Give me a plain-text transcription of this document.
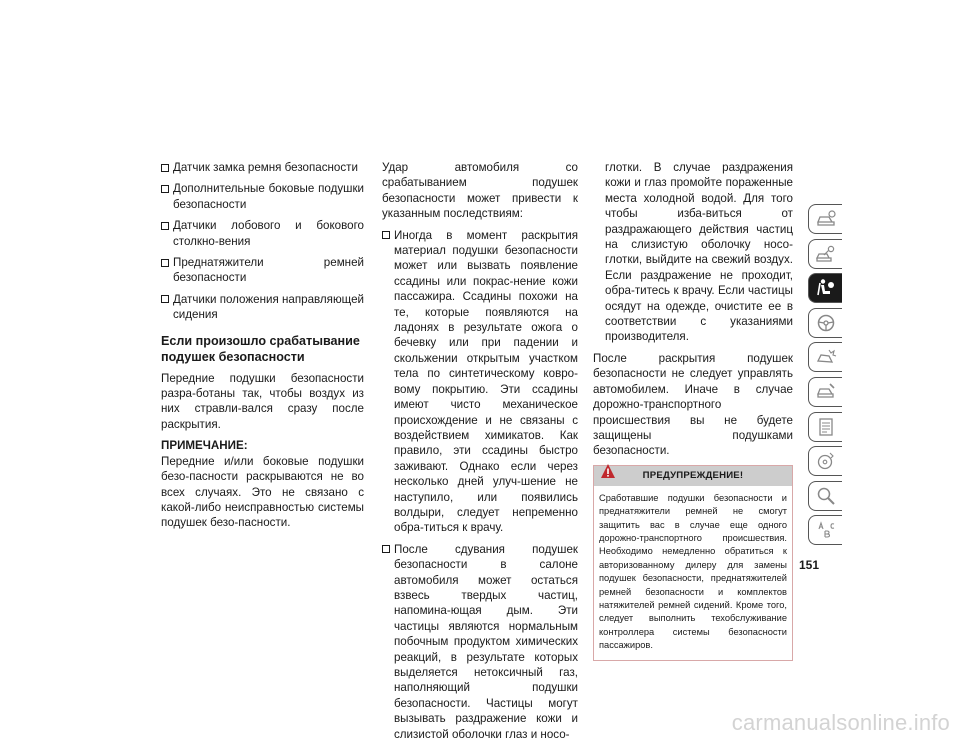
Датчик замка ремня безопасности
Дополнительные боковые подушки безопасности
Датчики лобового и бокового столкно-вения
Преднатяжители ремней безопасности
Датчики положения направляющей сидения
Если произошло срабатывание подушек безопасности

Передние подушки безопасности разра-ботаны так, чтобы воздух из них стравли-вался сразу после раскрытия.

ПРИМЕЧАНИЕ:

Передние и/или боковые подушки безо-пасности раскрываются не во всех случаях. Это не связано с какой-либо неисправностью системы подушек безо-пасности.

Удар автомобиля со срабатыванием подушек безопасности может привести к указанным последствиям:

Иногда в момент раскрытия материал подушки безопасности может или вызвать появление ссадины или покрас-нение кожи пассажира. Ссадины похожи на те, которые появляются на ладонях в результате ожога о бечевку или при падении и скольжении открытым участком тела по синтетическому ковро-вому покрытию. Эти ссадины имеют чисто механическое происхождение и не связаны с воздействием химикатов. Как правило, эти ссадины быстро заживают. Однако если через несколько дней улуч-шение не наступило, или появились волдыри, следует непременно обра-титься к врачу.
После сдувания подушек безопасности в салоне автомобиля может остаться взвесь твердых частиц, напомина-ющая дым. Эти частицы являются нормальным побочным продуктом химических реакций, в результате которых выделяется нетоксичный газ, наполняющий подушки безопасности. Частицы могут вызывать раздражение кожи и слизистой оболочки глаз и носо-
глотки. В случае раздражения кожи и глаз промойте пораженные места холодной водой. Для того чтобы изба-виться от раздражающего действия частиц на слизистую оболочку носо-глотки, выйдите на свежий воздух. Если раздражение не проходит, обра-титесь к врачу. Если частицы осядут на одежде, очистите ее в соответствии с указаниями производителя.

После раскрытия подушек безопасности не следует управлять автомобилем. Иначе в случае дорожно-транспортного происшествия вы не будете защищены подушками безопасности.

ПРЕДУПРЕЖДЕНИЕ!
Сработавшие подушки безопасности и преднатяжители ремней не смогут защитить вас в случае еще одного дорожно-транспортного происшествия. Необходимо немедленно обратиться к авторизованному дилеру для замены подушек безопасности, преднатяжителей ремней безопасности и комплектов натяжителей ремней сидений. Кроме того, следует выполнить техобслуживание контроллера системы безопасности пассажиров.
151
carmanualsonline.info
